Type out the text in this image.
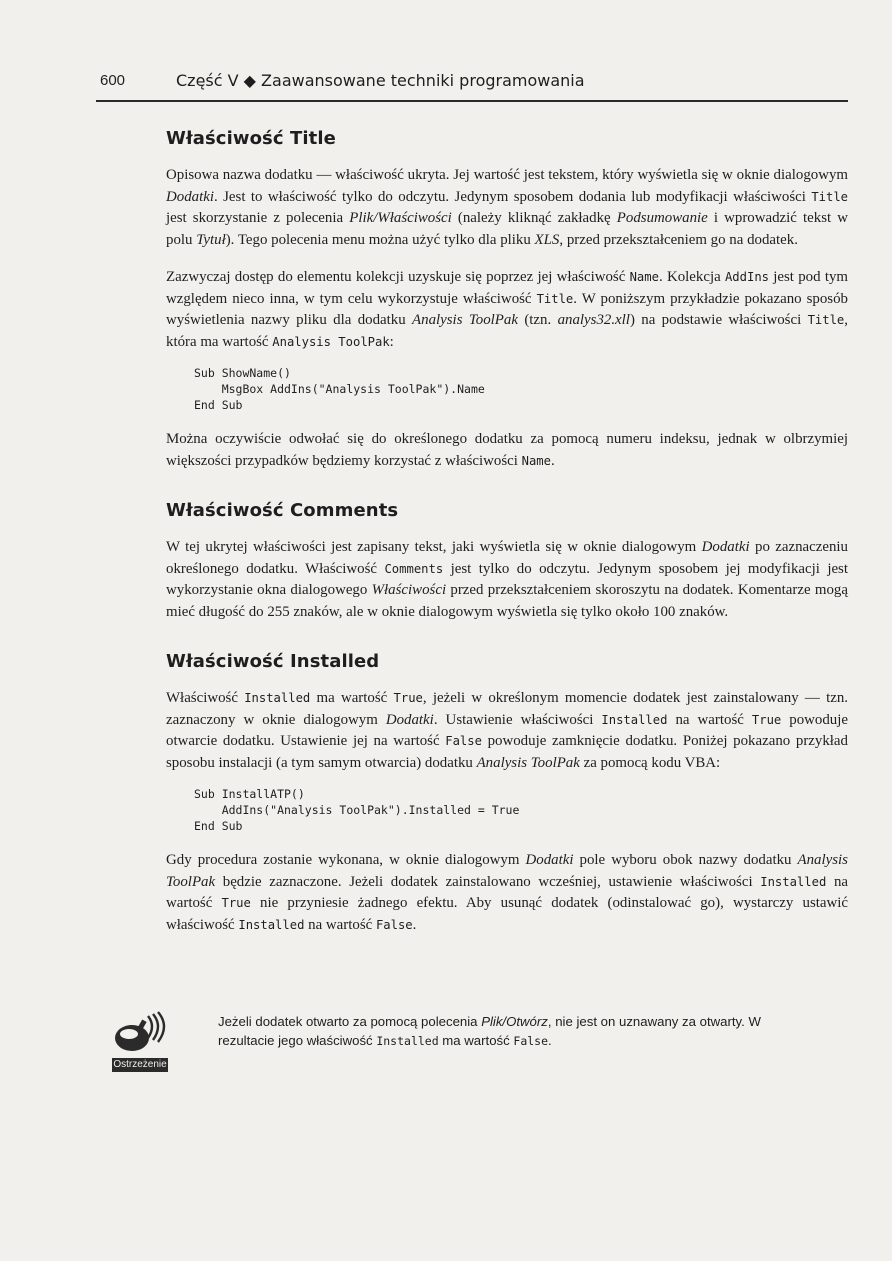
600	Część V ◆ Zaawansowane techniki programowania
Właściwość Title

Opisowa nazwa dodatku — właściwość ukryta. Jej wartość jest tekstem, który wyświetla się w oknie dialogowym Dodatki. Jest to właściwość tylko do odczytu. Jedynym sposobem dodania lub modyfikacji właściwości Title jest skorzystanie z polecenia Plik/Właściwości (należy kliknąć zakładkę Podsumowanie i wprowadzić tekst w polu Tytuł). Tego polecenia menu można użyć tylko dla pliku XLS, przed przekształceniem go na dodatek.

Zazwyczaj dostęp do elementu kolekcji uzyskuje się poprzez jej właściwość Name. Kolekcja AddIns jest pod tym względem nieco inna, w tym celu wykorzystuje właściwość Title. W poniższym przykładzie pokazano sposób wyświetlenia nazwy pliku dla dodatku Analysis ToolPak (tzn. analys32.xll) na podstawie właściwości Title, która ma wartość Analysis ToolPak:

Sub ShowName()
MsgBox AddIns("Analysis ToolPak").Name
End Sub

Można oczywiście odwołać się do określonego dodatku za pomocą numeru indeksu, jednak w olbrzymiej większości przypadków będziemy korzystać z właściwości Name.

Właściwość Comments

W tej ukrytej właściwości jest zapisany tekst, jaki wyświetla się w oknie dialogowym Dodatki po zaznaczeniu określonego dodatku. Właściwość Comments jest tylko do odczytu. Jedynym sposobem jej modyfikacji jest wykorzystanie okna dialogowego Właściwości przed przekształceniem skoroszytu na dodatek. Komentarze mogą mieć długość do 255 znaków, ale w oknie dialogowym wyświetla się tylko około 100 znaków.

Właściwość Installed

Właściwość Installed ma wartość True, jeżeli w określonym momencie dodatek jest zainstalowany — tzn. zaznaczony w oknie dialogowym Dodatki. Ustawienie właściwości Installed na wartość True powoduje otwarcie dodatku. Ustawienie jej na wartość False powoduje zamknięcie dodatku. Poniżej pokazano przykład sposobu instalacji (a tym samym otwarcia) dodatku Analysis ToolPak za pomocą kodu VBA:

Sub InstallATP()
AddIns("Analysis ToolPak").Installed = True
End Sub

Gdy procedura zostanie wykonana, w oknie dialogowym Dodatki pole wyboru obok nazwy dodatku Analysis ToolPak będzie zaznaczone. Jeżeli dodatek zainstalowano wcześniej, ustawienie właściwości Installed na wartość True nie przyniesie żadnego efektu. Aby usunąć dodatek (odinstalować go), wystarczy ustawić właściwość Installed na wartość False.

Ostrzeżenie
Jeżeli dodatek otwarto za pomocą polecenia Plik/Otwórz, nie jest on uznawany za otwarty. W rezultacie jego właściwość Installed ma wartość False.
